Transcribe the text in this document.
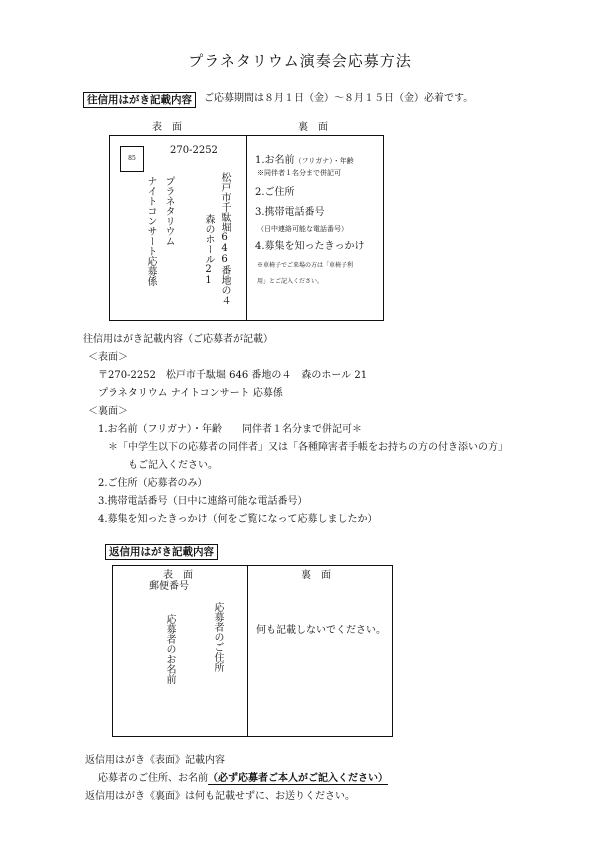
プラネタリウム演奏会応募方法
往信用はがき記載内容	ご応募期間は８月１日（金）～８月１５日（金）必着です。
表面	裏面
85
270-2252
松戸市千駄堀646番地の４
森のホール21
プラネタリウム
ナイトコンサート応募係
1.お名前（フリガナ）・年齢
※同伴者１名分まで併記可
2.ご住所
3.携帯電話番号
（日中連絡可能な電話番号）
4.募集を知ったきっかけ
※車椅子でご来場の方は「車椅子利
用」とご記入ください。
往信用はがき記載内容（ご応募者が記載）
＜表面＞
〒270-2252　松戸市千駄堀 646 番地の４　森のホール 21
プラネタリウム ナイトコンサート 応募係
＜裏面＞
1.お名前（フリガナ）・年齢　　同伴者１名分まで併記可＊
＊「中学生以下の応募者の同伴者」又は「各種障害者手帳をお持ちの方の付き添いの方」
もご記入ください。
2.ご住所（応募者のみ）
3.携帯電話番号（日中に連絡可能な電話番号）
4.募集を知ったきっかけ（何をご覧になって応募しましたか）
返信用はがき記載内容
表面	裏面
郵便番号
応募者のご住所
応募者のお名前	何も記載しないでください。
返信用はがき《表面》記載内容
応募者のご住所、お名前（必ず応募者ご本人がご記入ください）
返信用はがき《裏面》は何も記載せずに、お送りください。
